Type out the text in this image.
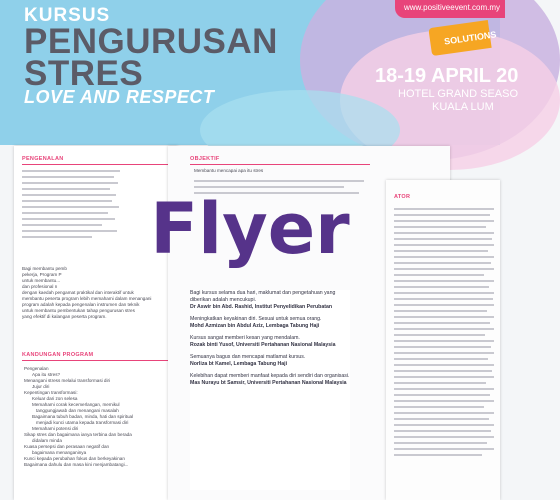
KURSUS
PENGURUSAN
STRES
LOVE AND RESPECT
www.positiveevent.com.my
SOLUTIONS
18-19 APRIL 20
HOTEL GRAND SEASO
KUALA LUM
PENGENALAN
Bagi membantu pemb
pekerja, Program P
untuk membantu...
dan profesional n
dengan kaedah pengamat praktikal dan interaktif untuk
membantu peserta program lebih memahami dalam menangani
program adalah kepada pengenalan instrumen dan teknik
untuk membantu pembentukan tahap pengurusan stres
yang efektif di kalangan peserta program.
KANDUNGAN PROGRAM
Pengenalan
Apa itu stres?
Menangani stress melalui transformasi diri
Jujur diri
Kepentingan transformasi:
Keluar dari zon selesa
Memahami corak kecemerlangan, memikul
tanggungjawab dan menangani masalah
Bagaimana tubuh badan, minda, hati dan spiritual
menjadi kunci utama kepada transformasi diri
Memahami potensi diri
Sikap stres dan bagaimana ianya terbina dan berada
didalam minda
Kuasa persepsi dan perasaan negatif dan
bagaimana menanganinya
Kunci kepada perubahan fokus dan berkeyakinan
Bagaimana dahulu dan masa kini menjambatangi...
OBJEKTIF
Membantu mencapai apa itu stres
Bagi kursus selama dua hari, maklumat dan pengetahuan yang diberikan adalah mencukupi.
Dr Aswir bin Abd. Rashid, Institut Penyelidikan Perubatan
Meningkatkan keyakinan diri. Sesuai untuk semua orang.
Mohd Azmizan bin Abdul Aziz, Lembaga Tabung Haji
Kursus sangat memberi kesan yang mendalam.
Rozak binti Yusof, Universiti Pertahanan Nasional Malaysia
Semuanya bagus dan mencapai matlamat kursus.
Norliza bt Kamel, Lembaga Tabung Haji
Kelebihan dapat memberi manfaat kepada diri sendiri dan organisasi.
Mas Nurayu bt Samsir, Universiti Pertahanan Nasional Malaysia
ATOR
Flyer
